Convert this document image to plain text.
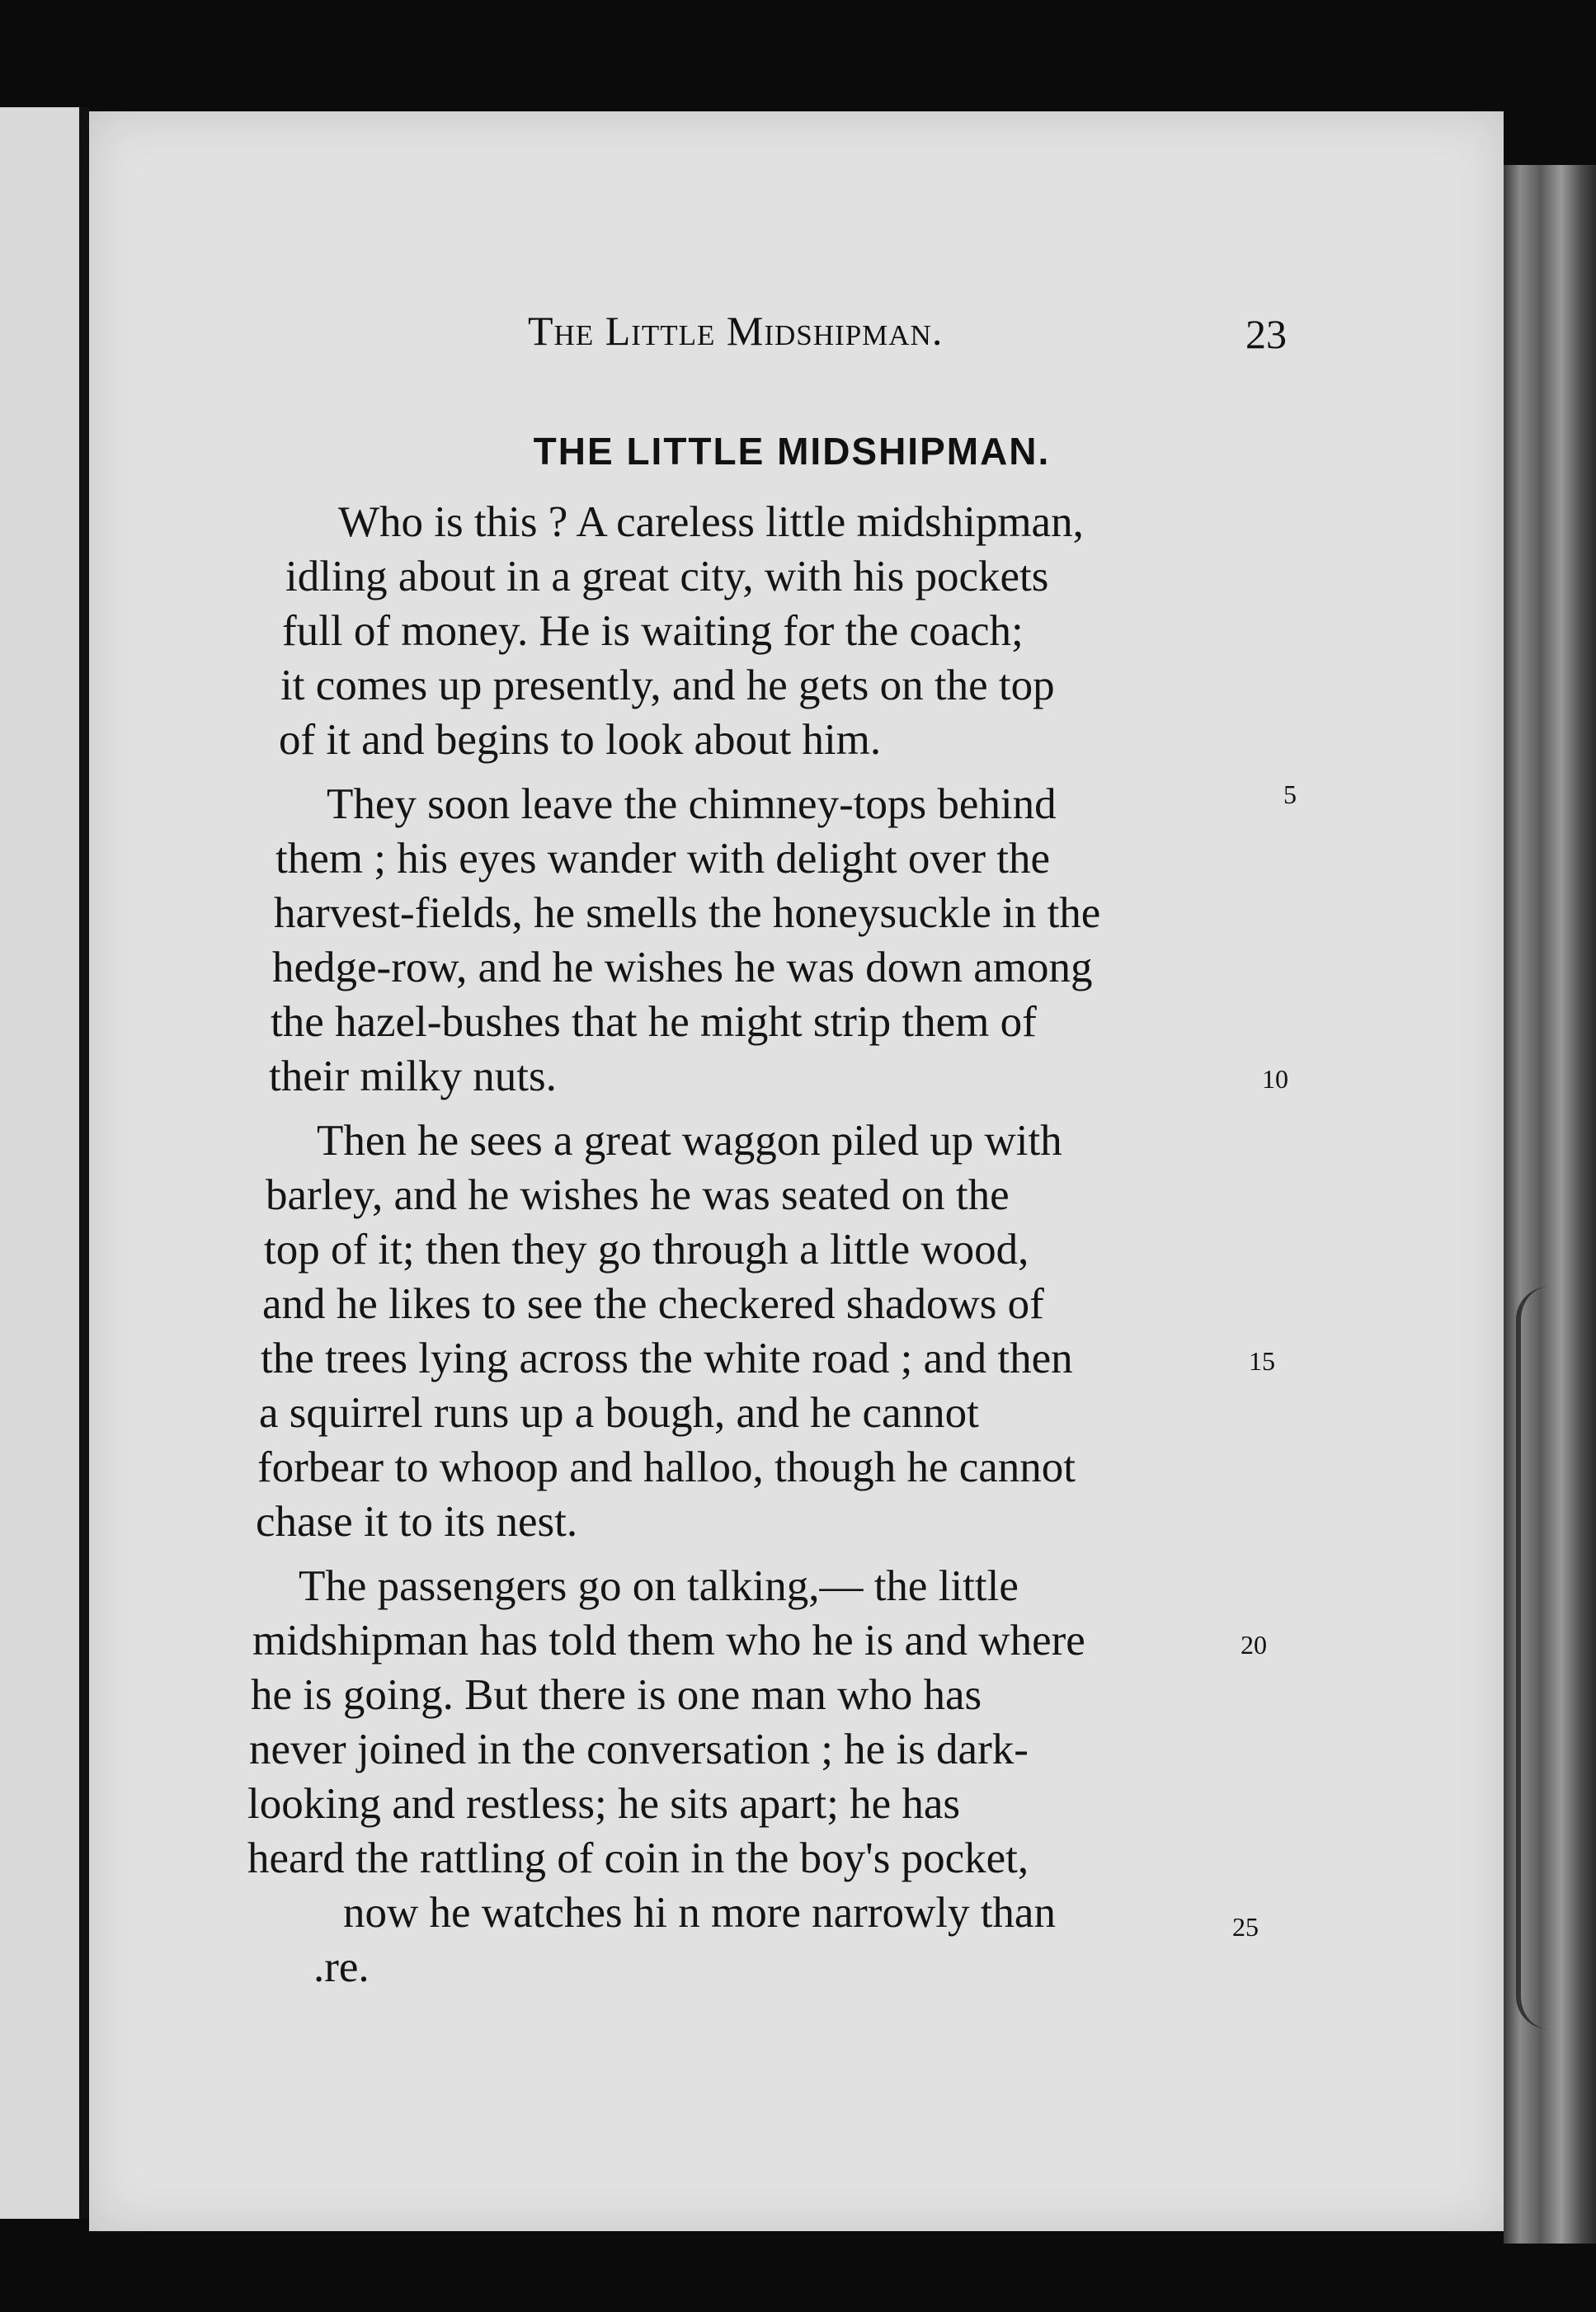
The Little Midshipman.	23
THE LITTLE MIDSHIPMAN.
Who is this ? A careless little midshipman,
idling about in a great city, with his pockets
full of money. He is waiting for the coach;
it comes up presently, and he gets on the top
of it and begins to look about him.
They soon leave the chimney-tops behind
them ; his eyes wander with delight over the
harvest-fields, he smells the honeysuckle in the
hedge-row, and he wishes he was down among
the hazel-bushes that he might strip them of
their milky nuts.
Then he sees a great waggon piled up with
barley, and he wishes he was seated on the
top of it; then they go through a little wood,
and he likes to see the checkered shadows of
the trees lying across the white road ; and then
a squirrel runs up a bough, and he cannot
forbear to whoop and halloo, though he cannot
chase it to its nest.
The passengers go on talking,— the little
midshipman has told them who he is and where
he is going. But there is one man who has
never joined in the conversation ; he is dark-
looking and restless; he sits apart; he has
heard the rattling of coin in the boy's pocket,
now he watches hi n more narrowly than
.re.
5
10
15
20
25
